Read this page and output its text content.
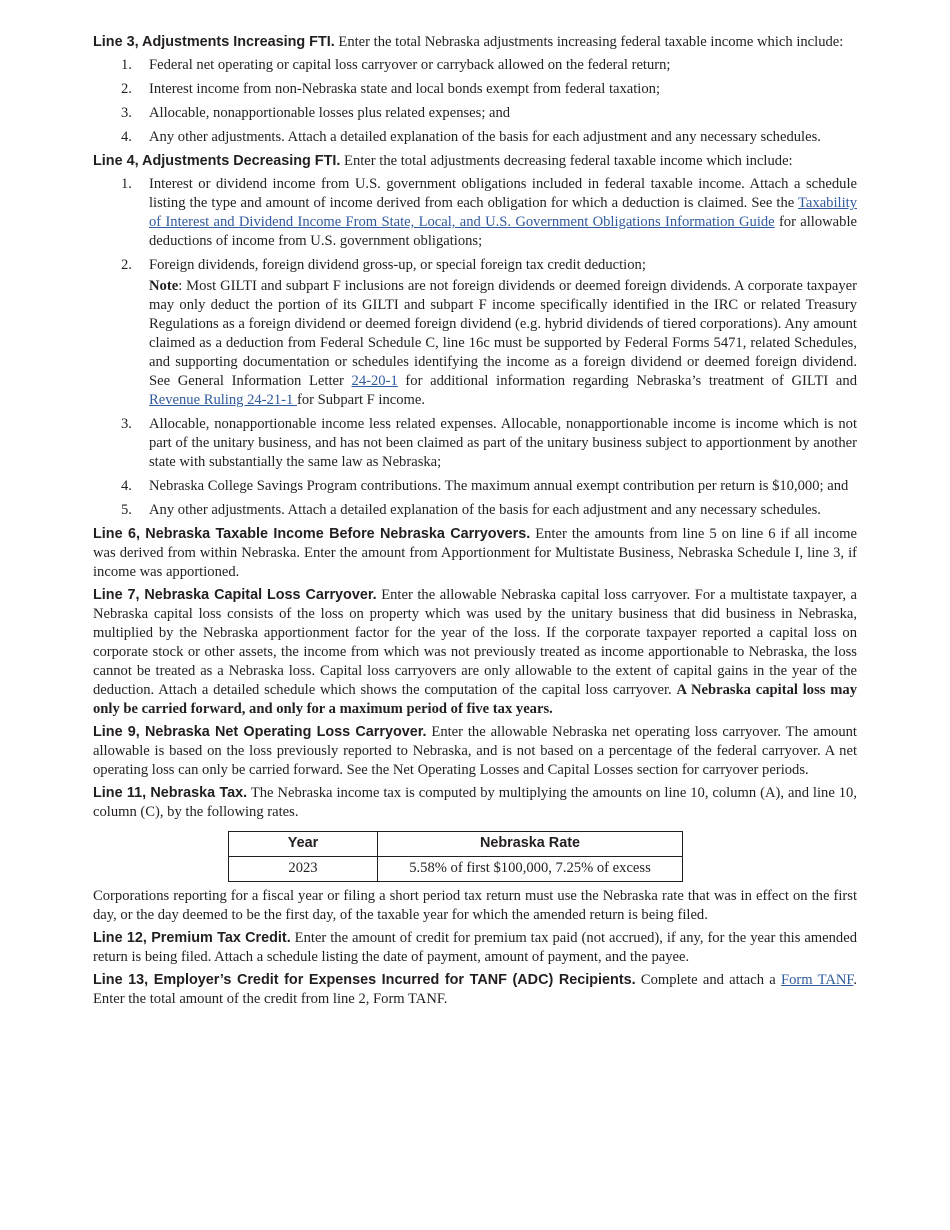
Line 3, Adjustments Increasing FTI. Enter the total Nebraska adjustments increasing federal taxable income which include:

1. Federal net operating or capital loss carryover or carryback allowed on the federal return;
2. Interest income from non-Nebraska state and local bonds exempt from federal taxation;
3. Allocable, nonapportionable losses plus related expenses; and
4. Any other adjustments. Attach a detailed explanation of the basis for each adjustment and any necessary schedules.

Line 4, Adjustments Decreasing FTI. Enter the total adjustments decreasing federal taxable income which include:

1. Interest or dividend income from U.S. government obligations included in federal taxable income. Attach a schedule listing the type and amount of income derived from each obligation for which a deduction is claimed. See the Taxability of Interest and Dividend Income From State, Local, and U.S. Government Obligations Information Guide for allowable deductions of income from U.S. government obligations;
2. Foreign dividends, foreign dividend gross-up, or special foreign tax credit deduction;

Note: Most GILTI and subpart F inclusions are not foreign dividends or deemed foreign dividends. A corporate taxpayer may only deduct the portion of its GILTI and subpart F income specifically identified in the IRC or related Treasury Regulations as a foreign dividend or deemed foreign dividend (e.g. hybrid dividends of tiered corporations). Any amount claimed as a deduction from Federal Schedule C, line 16c must be supported by Federal Forms 5471, related Schedules, and supporting documentation or schedules identifying the income as a foreign dividend or deemed foreign dividend. See General Information Letter 24-20-1 for additional information regarding Nebraska’s treatment of GILTI and Revenue Ruling 24-21-1 for Subpart F income.

3. Allocable, nonapportionable income less related expenses. Allocable, nonapportionable income is income which is not part of the unitary business, and has not been claimed as part of the unitary business subject to apportionment by another state with substantially the same law as Nebraska;
4. Nebraska College Savings Program contributions. The maximum annual exempt contribution per return is $10,000; and
5. Any other adjustments. Attach a detailed explanation of the basis for each adjustment and any necessary schedules.

Line 6, Nebraska Taxable Income Before Nebraska Carryovers. Enter the amounts from line 5 on line 6 if all income was derived from within Nebraska. Enter the amount from Apportionment for Multistate Business, Nebraska Schedule I, line 3, if income was apportioned.

Line 7, Nebraska Capital Loss Carryover. Enter the allowable Nebraska capital loss carryover. For a multistate taxpayer, a Nebraska capital loss consists of the loss on property which was used by the unitary business that did business in Nebraska, multiplied by the Nebraska apportionment factor for the year of the loss. If the corporate taxpayer reported a capital loss on corporate stock or other assets, the income from which was not previously treated as income apportionable to Nebraska, the loss cannot be treated as a Nebraska loss. Capital loss carryovers are only allowable to the extent of capital gains in the year of the deduction. Attach a detailed schedule which shows the computation of the capital loss carryover. A Nebraska capital loss may only be carried forward, and only for a maximum period of five tax years.

Line 9, Nebraska Net Operating Loss Carryover. Enter the allowable Nebraska net operating loss carryover. The amount allowable is based on the loss previously reported to Nebraska, and is not based on a percentage of the federal carryover. A net operating loss can only be carried forward. See the Net Operating Losses and Capital Losses section for carryover periods.

Line 11, Nebraska Tax. The Nebraska income tax is computed by multiplying the amounts on line 10, column (A), and line 10, column (C), by the following rates.

Year	Nebraska Rate
2023	5.58% of first $100,000, 7.25% of excess

Corporations reporting for a fiscal year or filing a short period tax return must use the Nebraska rate that was in effect on the first day, or the day deemed to be the first day, of the taxable year for which the amended return is being filed.

Line 12, Premium Tax Credit. Enter the amount of credit for premium tax paid (not accrued), if any, for the year this amended return is being filed. Attach a schedule listing the date of payment, amount of payment, and the payee.

Line 13, Employer’s Credit for Expenses Incurred for TANF (ADC) Recipients. Complete and attach a Form TANF. Enter the total amount of the credit from line 2, Form TANF.
